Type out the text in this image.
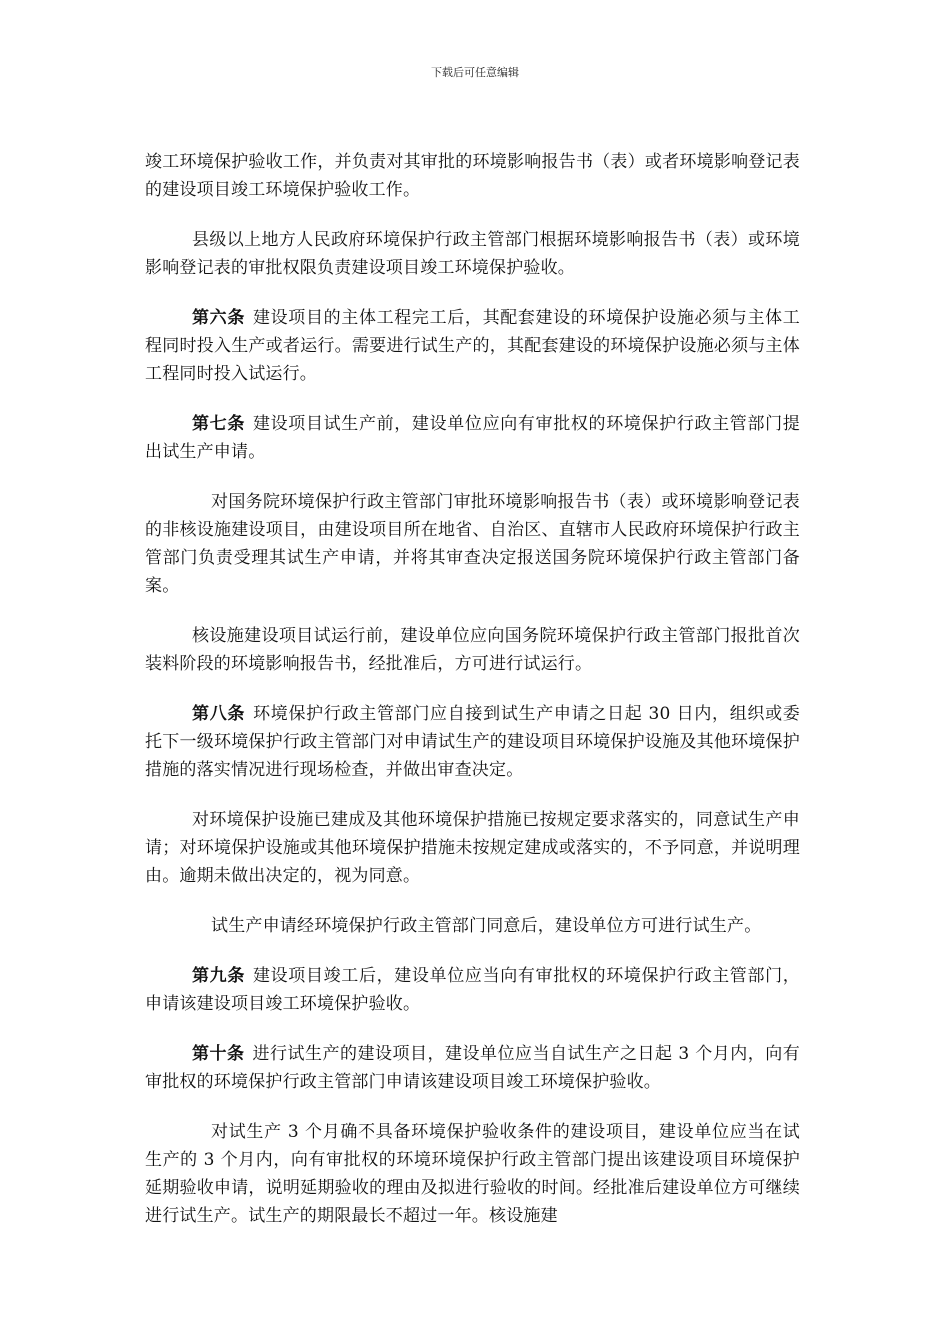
下载后可任意编辑

竣工环境保护验收工作，并负责对其审批的环境影响报告书（表）或者环境影响登记表的建设项目竣工环境保护验收工作。

县级以上地方人民政府环境保护行政主管部门根据环境影响报告书（表）或环境影响登记表的审批权限负责建设项目竣工环境保护验收。

第六条 建设项目的主体工程完工后，其配套建设的环境保护设施必须与主体工程同时投入生产或者运行。需要进行试生产的，其配套建设的环境保护设施必须与主体工程同时投入试运行。

第七条 建设项目试生产前，建设单位应向有审批权的环境保护行政主管部门提出试生产申请。

对国务院环境保护行政主管部门审批环境影响报告书（表）或环境影响登记表的非核设施建设项目，由建设项目所在地省、自治区、直辖市人民政府环境保护行政主管部门负责受理其试生产申请，并将其审查决定报送国务院环境保护行政主管部门备案。

核设施建设项目试运行前，建设单位应向国务院环境保护行政主管部门报批首次装料阶段的环境影响报告书，经批准后，方可进行试运行。

第八条 环境保护行政主管部门应自接到试生产申请之日起 30 日内，组织或委托下一级环境保护行政主管部门对申请试生产的建设项目环境保护设施及其他环境保护措施的落实情况进行现场检查，并做出审查决定。

对环境保护设施已建成及其他环境保护措施已按规定要求落实的，同意试生产申请；对环境保护设施或其他环境保护措施未按规定建成或落实的，不予同意，并说明理由。逾期未做出决定的，视为同意。

试生产申请经环境保护行政主管部门同意后，建设单位方可进行试生产。

第九条 建设项目竣工后，建设单位应当向有审批权的环境保护行政主管部门，申请该建设项目竣工环境保护验收。

第十条 进行试生产的建设项目，建设单位应当自试生产之日起 3 个月内，向有审批权的环境保护行政主管部门申请该建设项目竣工环境保护验收。

对试生产 3 个月确不具备环境保护验收条件的建设项目，建设单位应当在试生产的 3 个月内，向有审批权的环境环境保护行政主管部门提出该建设项目环境保护延期验收申请，说明延期验收的理由及拟进行验收的时间。经批准后建设单位方可继续进行试生产。试生产的期限最长不超过一年。核设施建
